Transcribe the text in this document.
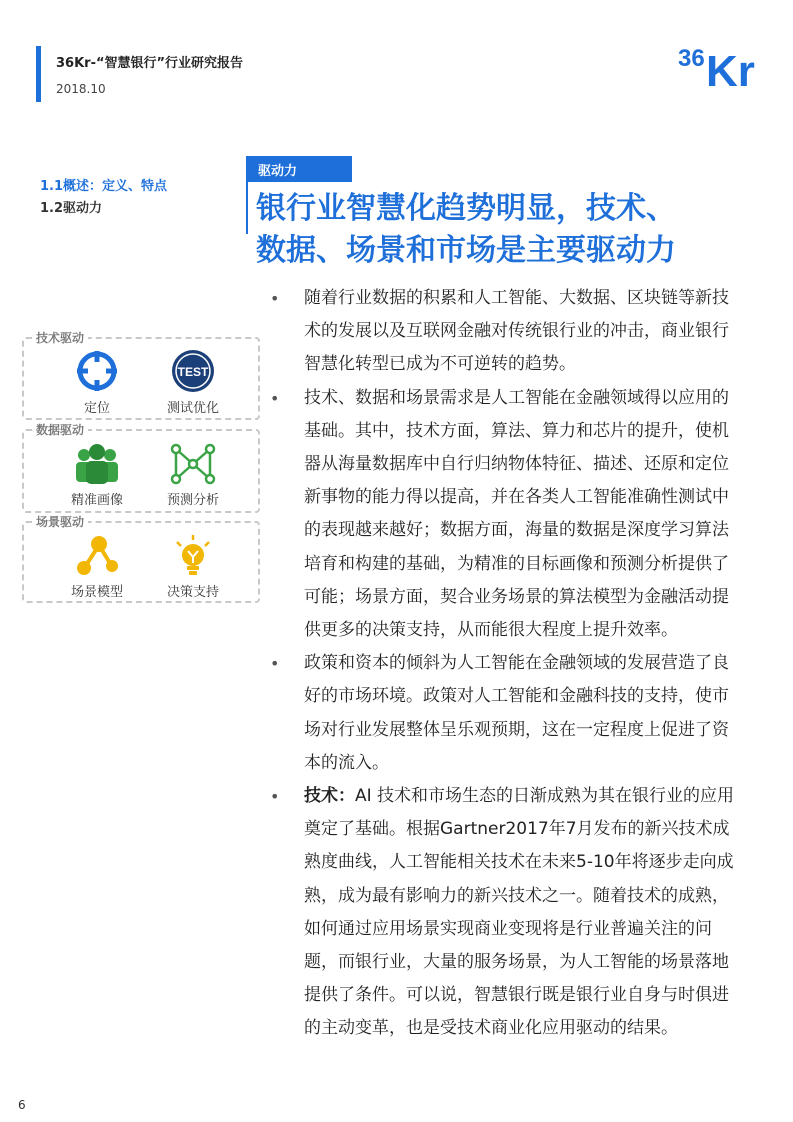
36Kr-“智慧银行”行业研究报告
2018.10
36 Kr
1.1概述：定义、特点
1.2驱动力
驱动力
银行业智慧化趋势明显，技术、
数据、场景和市场是主要驱动力
技术驱动
定位
TEST
测试优化
数据驱动
精准画像	预测分析
场景驱动
场景模型	决策支持

• 随着行业数据的积累和人工智能、大数据、区块链等新技术的发展以及互联网金融对传统银行业的冲击，商业银行智慧化转型已成为不可逆转的趋势。

• 技术、数据和场景需求是人工智能在金融领域得以应用的基础。其中，技术方面，算法、算力和芯片的提升，使机器从海量数据库中自行归纳物体特征、描述、还原和定位新事物的能力得以提高，并在各类人工智能准确性测试中的表现越来越好；数据方面，海量的数据是深度学习算法培育和构建的基础，为精准的目标画像和预测分析提供了可能；场景方面，契合业务场景的算法模型为金融活动提供更多的决策支持，从而能很大程度上提升效率。

• 政策和资本的倾斜为人工智能在金融领域的发展营造了良好的市场环境。政策对人工智能和金融科技的支持，使市场对行业发展整体呈乐观预期，这在一定程度上促进了资本的流入。

• 技术：AI 技术和市场生态的日渐成熟为其在银行业的应用奠定了基础。根据Gartner2017年7月发布的新兴技术成熟度曲线，人工智能相关技术在未来5-10年将逐步走向成熟，成为最有影响力的新兴技术之一。随着技术的成熟，如何通过应用场景实现商业变现将是行业普遍关注的问题，而银行业，大量的服务场景，为人工智能的场景落地提供了条件。可以说，智慧银行既是银行业自身与时俱进的主动变革，也是受技术商业化应用驱动的结果。

6
